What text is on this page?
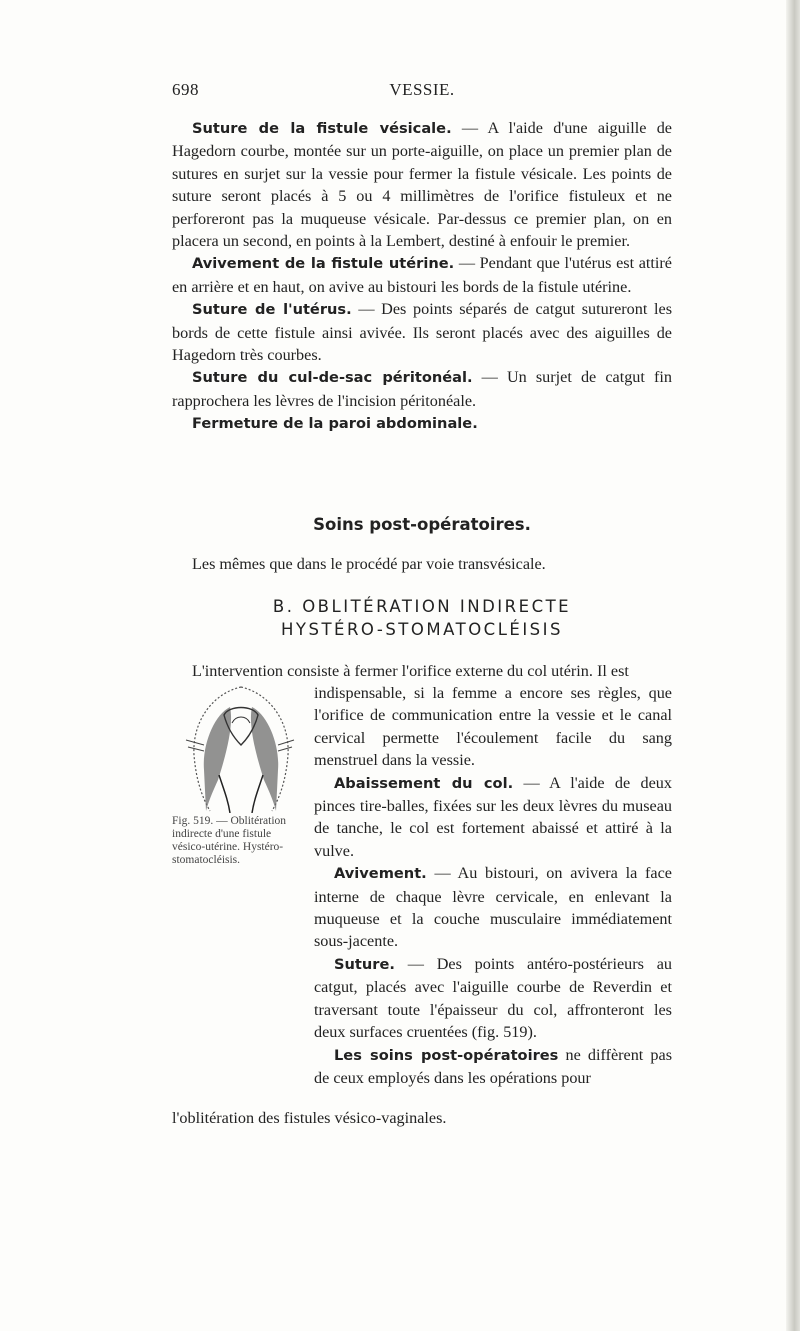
698	VESSIE.

Suture de la fistule vésicale. — A l'aide d'une aiguille de Hagedorn courbe, montée sur un porte-aiguille, on place un premier plan de sutures en surjet sur la vessie pour fermer la fistule vésicale. Les points de suture seront placés à 5 ou 4 millimètres de l'orifice fistuleux et ne perforeront pas la muqueuse vésicale. Par-dessus ce premier plan, on en placera un second, en points à la Lembert, destiné à enfouir le premier.

Avivement de la fistule utérine. — Pendant que l'utérus est attiré en arrière et en haut, on avive au bistouri les bords de la fistule utérine.

Suture de l'utérus. — Des points séparés de catgut sutureront les bords de cette fistule ainsi avivée. Ils seront placés avec des aiguilles de Hagedorn très courbes.

Suture du cul-de-sac péritonéal. — Un surjet de catgut fin rapprochera les lèvres de l'incision péritonéale.

Fermeture de la paroi abdominale.

Soins post-opératoires.

Les mêmes que dans le procédé par voie transvésicale.

B. OBLITÉRATION INDIRECTE
HYSTÉRO-STOMATOCLÉISIS

L'intervention consiste à fermer l'orifice externe du col utérin. Il est

Fig. 519. — Oblitération indirecte d'une fistule vésico-utérine. Hystéro-stomatocléisis.

indispensable, si la femme a encore ses règles, que l'orifice de communication entre la vessie et le canal cervical permette l'écoulement facile du sang menstruel dans la vessie.

Abaissement du col. — A l'aide de deux pinces tire-balles, fixées sur les deux lèvres du museau de tanche, le col est fortement abaissé et attiré à la vulve.

Avivement. — Au bistouri, on avivera la face interne de chaque lèvre cervicale, en enlevant la muqueuse et la couche musculaire immédiatement sous-jacente.

Suture. — Des points antéro-postérieurs au catgut, placés avec l'aiguille courbe de Reverdin et traversant toute l'épaisseur du col, affronteront les deux surfaces cruentées (fig. 519).

Les soins post-opératoires ne diffèrent pas de ceux employés dans les opérations pour

l'oblitération des fistules vésico-vaginales.
